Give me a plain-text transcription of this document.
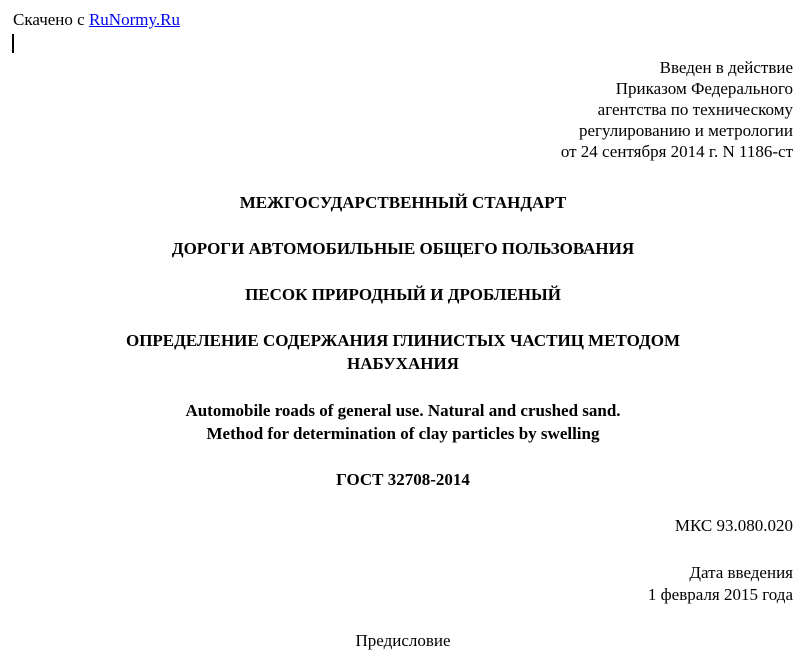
Скачено с RuNormy.Ru
Введен в действие
Приказом Федерального
агентства по техническому
регулированию и метрологии
от 24 сентября 2014 г. N 1186-ст
МЕЖГОСУДАРСТВЕННЫЙ СТАНДАРТ
ДОРОГИ АВТОМОБИЛЬНЫЕ ОБЩЕГО ПОЛЬЗОВАНИЯ
ПЕСОК ПРИРОДНЫЙ И ДРОБЛЕНЫЙ
ОПРЕДЕЛЕНИЕ СОДЕРЖАНИЯ ГЛИНИСТЫХ ЧАСТИЦ МЕТОДОМ
НАБУХАНИЯ
Automobile roads of general use. Natural and crushed sand.
Method for determination of clay particles by swelling
ГОСТ 32708-2014
МКС 93.080.020
Дата введения
1 февраля 2015 года
Предисловие
